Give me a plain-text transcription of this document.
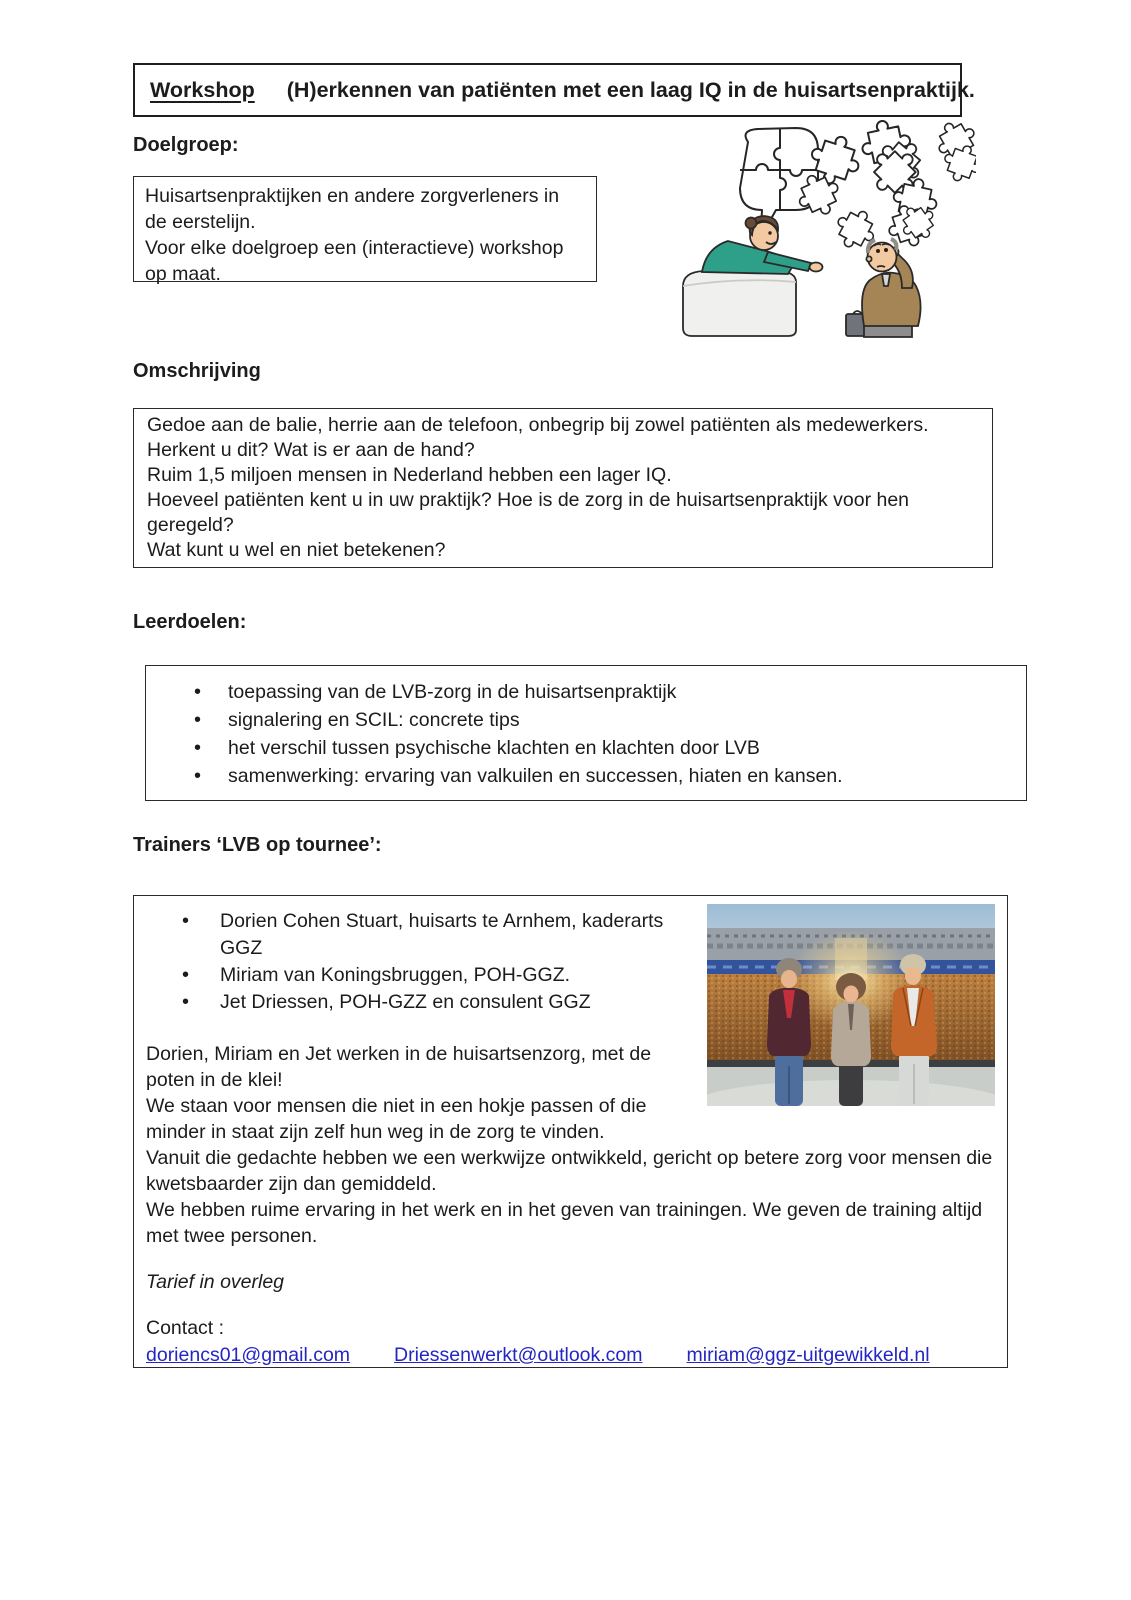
Workshop (H)erkennen van patiënten met een laag IQ in de huisartsenpraktijk.
Doelgroep:

Huisartsenpraktijken en andere zorgverleners in de eerstelijn.

Voor elke doelgroep een (interactieve) workshop op maat.

Omschrijving

Gedoe aan de balie, herrie aan de telefoon, onbegrip bij zowel patiënten als medewerkers.

Herkent u dit? Wat is er aan de hand?

Ruim 1,5 miljoen mensen in Nederland hebben een lager IQ.

Hoeveel patiënten kent u in uw praktijk? Hoe is de zorg in de huisartsenpraktijk voor hen geregeld?

Wat kunt u wel en niet betekenen?

Leerdoelen:
• toepassing van de LVB-zorg in de huisartsenpraktijk
• signalering en SCIL: concrete tips
• het verschil tussen psychische klachten en klachten door LVB
• samenwerking: ervaring van valkuilen en successen, hiaten en kansen.
Trainers ‘LVB op tournee’:
• Dorien Cohen Stuart, huisarts te Arnhem, kaderarts GGZ
• Miriam van Koningsbruggen, POH-GGZ.
• Jet Driessen, POH-GZZ en consulent GGZ

Dorien, Miriam en Jet werken in de huisartsenzorg, met de poten in de klei!

We staan voor mensen die niet in een hokje passen of die minder in staat zijn zelf hun weg in de zorg te vinden.

Vanuit die gedachte hebben we een werkwijze ontwikkeld, gericht op betere zorg voor mensen die kwetsbaarder zijn dan gemiddeld.

We hebben ruime ervaring in het werk en in het geven van trainingen. We geven de training altijd met twee personen.

Tarief in overleg

Contact :

doriencs01@gmail.com Driessenwerkt@outlook.com miriam@ggz-uitgewikkeld.nl
